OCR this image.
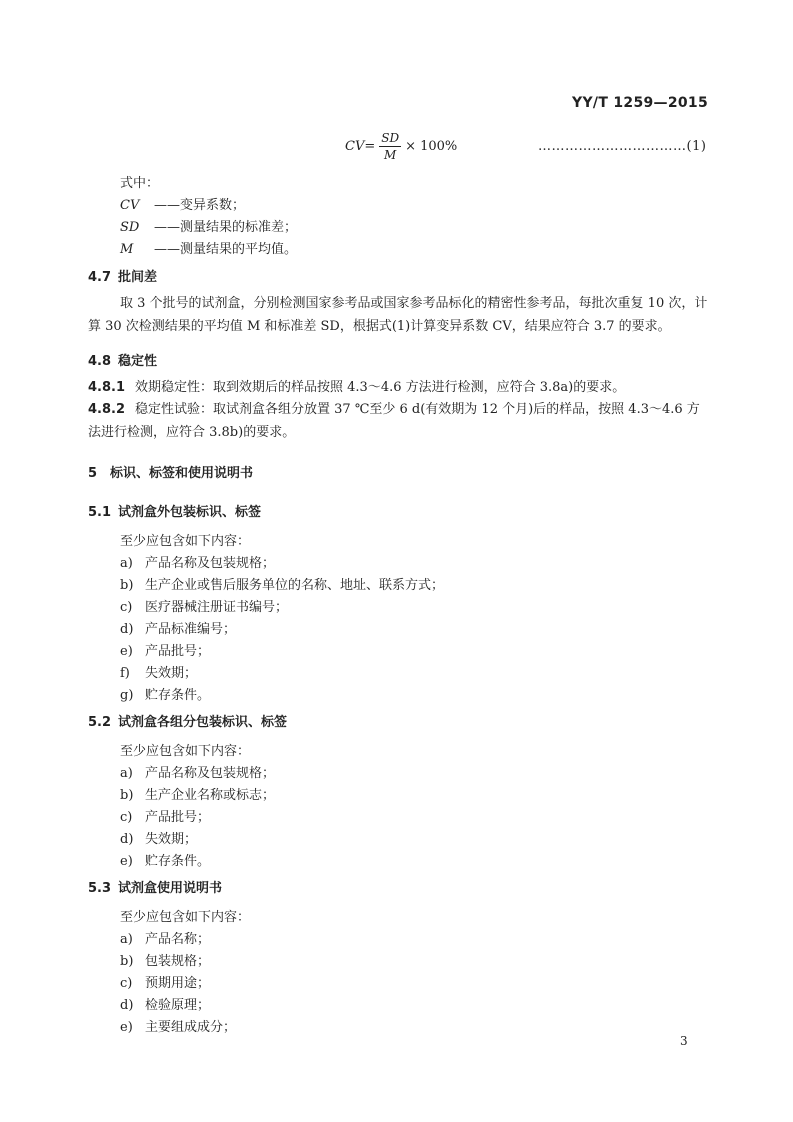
YY/T 1259—2015
CV = $\frac{SD}{M} \times 100\%$	……………………………(1)
式中：
CV ——变异系数；
SD ——测量结果的标准差；
M ——测量结果的平均值。
4.7 批间差
取 3 个批号的试剂盒，分别检测国家参考品或国家参考品标化的精密性参考品，每批次重复 10 次，计算 30 次检测结果的平均值 M 和标准差 SD，根据式(1)计算变异系数 CV，结果应符合 3.7 的要求。
4.8 稳定性
4.8.1 效期稳定性：取到效期后的样品按照 4.3～4.6 方法进行检测，应符合 3.8a)的要求。
4.8.2 稳定性试验：取试剂盒各组分放置 37 ℃至少 6 d(有效期为 12 个月)后的样品，按照 4.3～4.6 方法进行检测，应符合 3.8b)的要求。
5 标识、标签和使用说明书
5.1 试剂盒外包装标识、标签
至少应包含如下内容：
a) 产品名称及包装规格；
b) 生产企业或售后服务单位的名称、地址、联系方式；
c) 医疗器械注册证书编号；
d) 产品标准编号；
e) 产品批号；
f) 失效期；
g) 贮存条件。
5.2 试剂盒各组分包装标识、标签
至少应包含如下内容：
a) 产品名称及包装规格；
b) 生产企业名称或标志；
c) 产品批号；
d) 失效期；
e) 贮存条件。
5.3 试剂盒使用说明书
至少应包含如下内容：
a) 产品名称；
b) 包装规格；
c) 预期用途；
d) 检验原理；
e) 主要组成成分；
3
